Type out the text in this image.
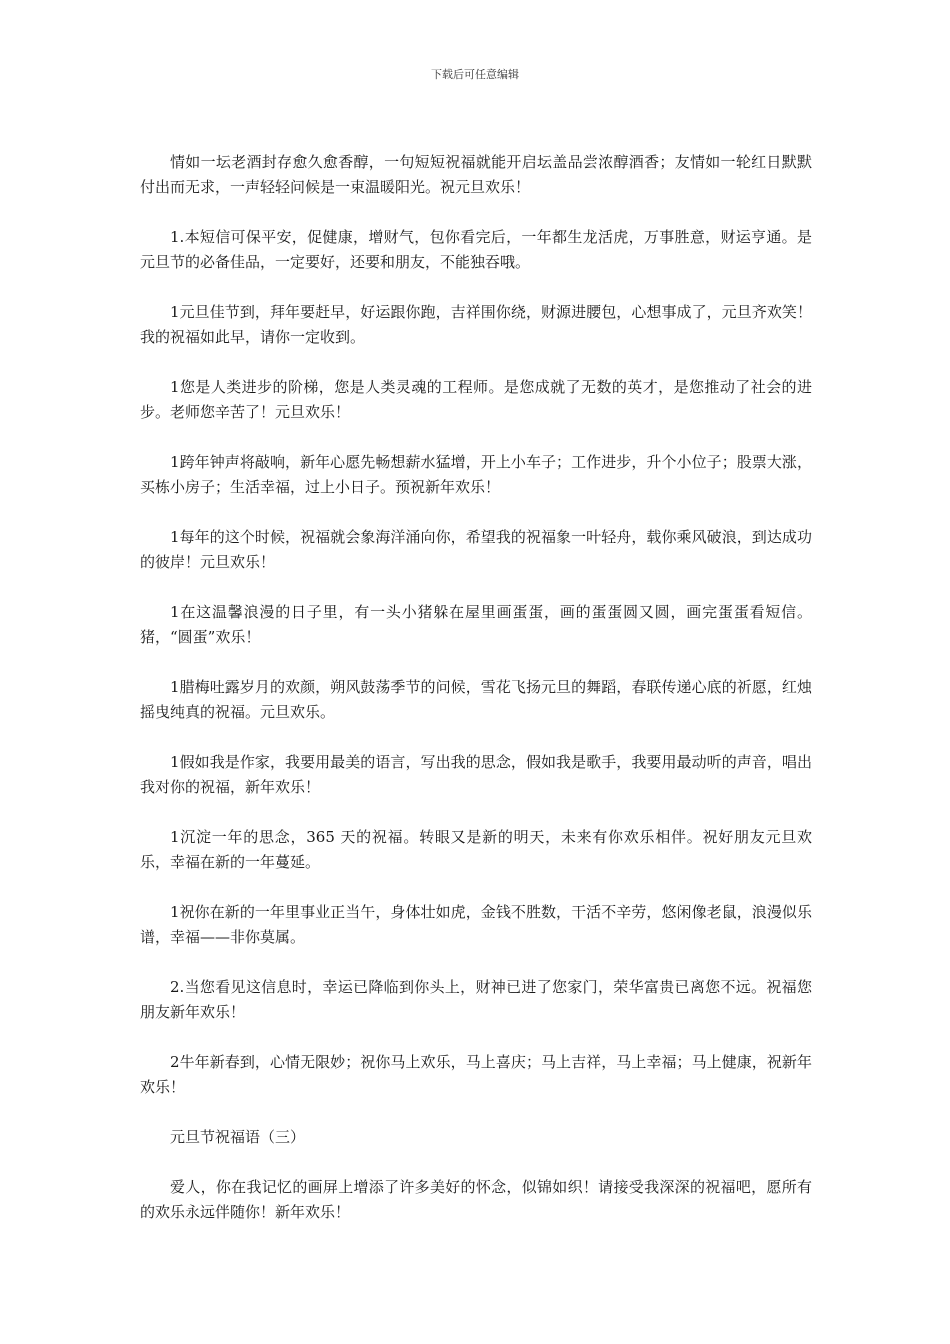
下载后可任意编辑

情如一坛老酒封存愈久愈香醇，一句短短祝福就能开启坛盖品尝浓醇酒香；友情如一轮红日默默付出而无求，一声轻轻问候是一束温暖阳光。祝元旦欢乐！

1.本短信可保平安，促健康，增财气，包你看完后，一年都生龙活虎，万事胜意，财运亨通。是元旦节的必备佳品，一定要好，还要和朋友，不能独吞哦。

1元旦佳节到，拜年要赶早，好运跟你跑，吉祥围你绕，财源进腰包，心想事成了，元旦齐欢笑！我的祝福如此早，请你一定收到。

1您是人类进步的阶梯，您是人类灵魂的工程师。是您成就了无数的英才，是您推动了社会的进步。老师您辛苦了！元旦欢乐！

1跨年钟声将敲响，新年心愿先畅想薪水猛增，开上小车子；工作进步，升个小位子；股票大涨，买栋小房子；生活幸福，过上小日子。预祝新年欢乐！

1每年的这个时候，祝福就会象海洋涌向你，希望我的祝福象一叶轻舟，载你乘风破浪，到达成功的彼岸！元旦欢乐！

1在这温馨浪漫的日子里，有一头小猪躲在屋里画蛋蛋，画的蛋蛋圆又圆，画完蛋蛋看短信。猪，“圆蛋”欢乐！

1腊梅吐露岁月的欢颜，朔风鼓荡季节的问候，雪花飞扬元旦的舞蹈，春联传递心底的祈愿，红烛摇曳纯真的祝福。元旦欢乐。

1假如我是作家，我要用最美的语言，写出我的思念，假如我是歌手，我要用最动听的声音，唱出我对你的祝福，新年欢乐！

1沉淀一年的思念，365 天的祝福。转眼又是新的明天，未来有你欢乐相伴。祝好朋友元旦欢乐，幸福在新的一年蔓延。

1祝你在新的一年里事业正当午，身体壮如虎，金钱不胜数，干活不辛劳，悠闲像老鼠，浪漫似乐谱，幸福——非你莫属。

2.当您看见这信息时，幸运已降临到你头上，财神已进了您家门，荣华富贵已离您不远。祝福您朋友新年欢乐！

2牛年新春到，心情无限妙；祝你马上欢乐，马上喜庆；马上吉祥，马上幸福；马上健康，祝新年欢乐！

元旦节祝福语（三）

爱人，你在我记忆的画屏上增添了许多美好的怀念，似锦如织！请接受我深深的祝福吧，愿所有的欢乐永远伴随你！新年欢乐！
